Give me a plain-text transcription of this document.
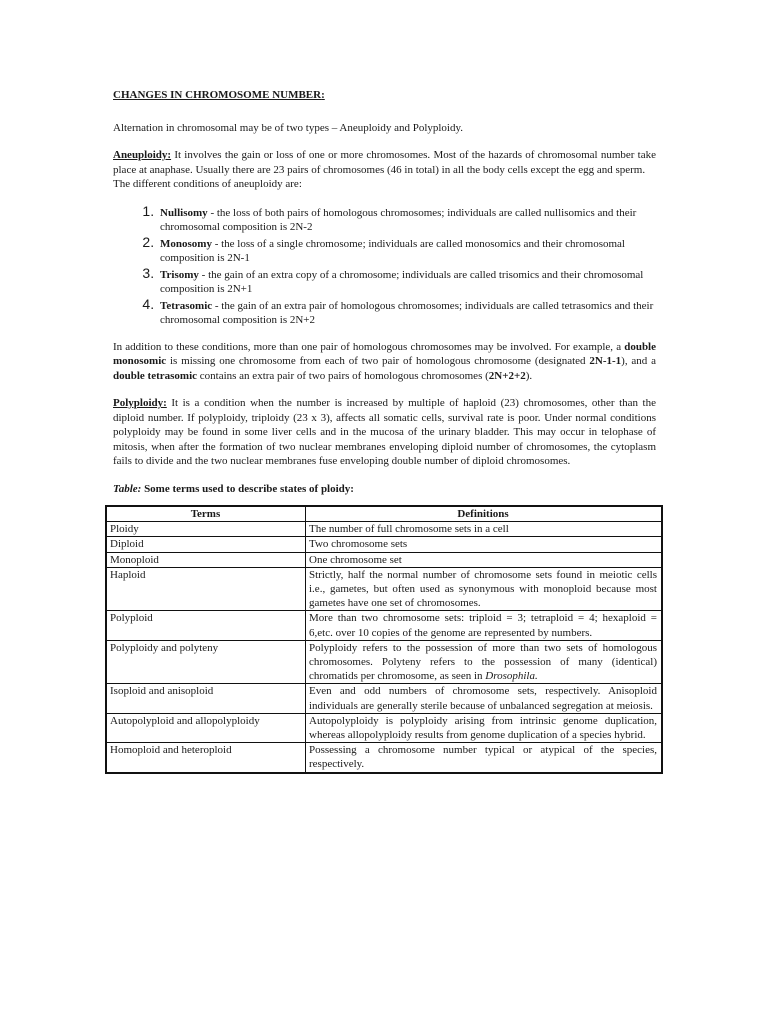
CHANGES IN CHROMOSOME NUMBER:

Alternation in chromosomal may be of two types – Aneuploidy and Polyploidy.

Aneuploidy: It involves the gain or loss of one or more chromosomes. Most of the hazards of chromosomal number take place at anaphase. Usually there are 23 pairs of chromosomes (46 in total) in all the body cells except the egg and sperm.

The different conditions of aneuploidy are:

1. Nullisomy - the loss of both pairs of homologous chromosomes; individuals are called nullisomics and their chromosomal composition is 2N-2
2. Monosomy - the loss of a single chromosome; individuals are called monosomics and their chromosomal composition is 2N-1
3. Trisomy - the gain of an extra copy of a chromosome; individuals are called trisomics and their chromosomal composition is 2N+1
4. Tetrasomic - the gain of an extra pair of homologous chromosomes; individuals are called tetrasomics and their chromosomal composition is 2N+2

In addition to these conditions, more than one pair of homologous chromosomes may be involved. For example, a double monosomic is missing one chromosome from each of two pair of homologous chromosome (designated 2N-1-1), and a double tetrasomic contains an extra pair of two pairs of homologous chromosomes (2N+2+2).

Polyploidy: It is a condition when the number is increased by multiple of haploid (23) chromosomes, other than the diploid number. If polyploidy, triploidy (23 x 3), affects all somatic cells, survival rate is poor. Under normal conditions polyploidy may be found in some liver cells and in the mucosa of the urinary bladder. This may occur in telophase of mitosis, when after the formation of two nuclear membranes enveloping diploid number of chromosomes, the cytoplasm fails to divide and the two nuclear membranes fuse enveloping double number of diploid chromosomes.

Table: Some terms used to describe states of ploidy:
Terms	Definitions
Ploidy	The number of full chromosome sets in a cell
Diploid	Two chromosome sets
Monoploid	One chromosome set
Haploid	Strictly, half the normal number of chromosome sets found in meiotic cells i.e., gametes, but often used as synonymous with monoploid because most gametes have one set of chromosomes.
Polyploid	More than two chromosome sets: triploid = 3; tetraploid = 4; hexaploid = 6,etc. over 10 copies of the genome are represented by numbers.
Polyploidy and polyteny	Polyploidy refers to the possession of more than two sets of homologous chromosomes. Polyteny refers to the possession of many (identical) chromatids per chromosome, as seen in Drosophila.
Isoploid and anisoploid	Even and odd numbers of chromosome sets, respectively. Anisoploid individuals are generally sterile because of unbalanced segregation at meiosis.
Autopolyploid and allopolyploidy	Autopolyploidy is polyploidy arising from intrinsic genome duplication, whereas allopolyploidy results from genome duplication of a species hybrid.
Homoploid and heteroploid	Possessing a chromosome number typical or atypical of the species, respectively.
